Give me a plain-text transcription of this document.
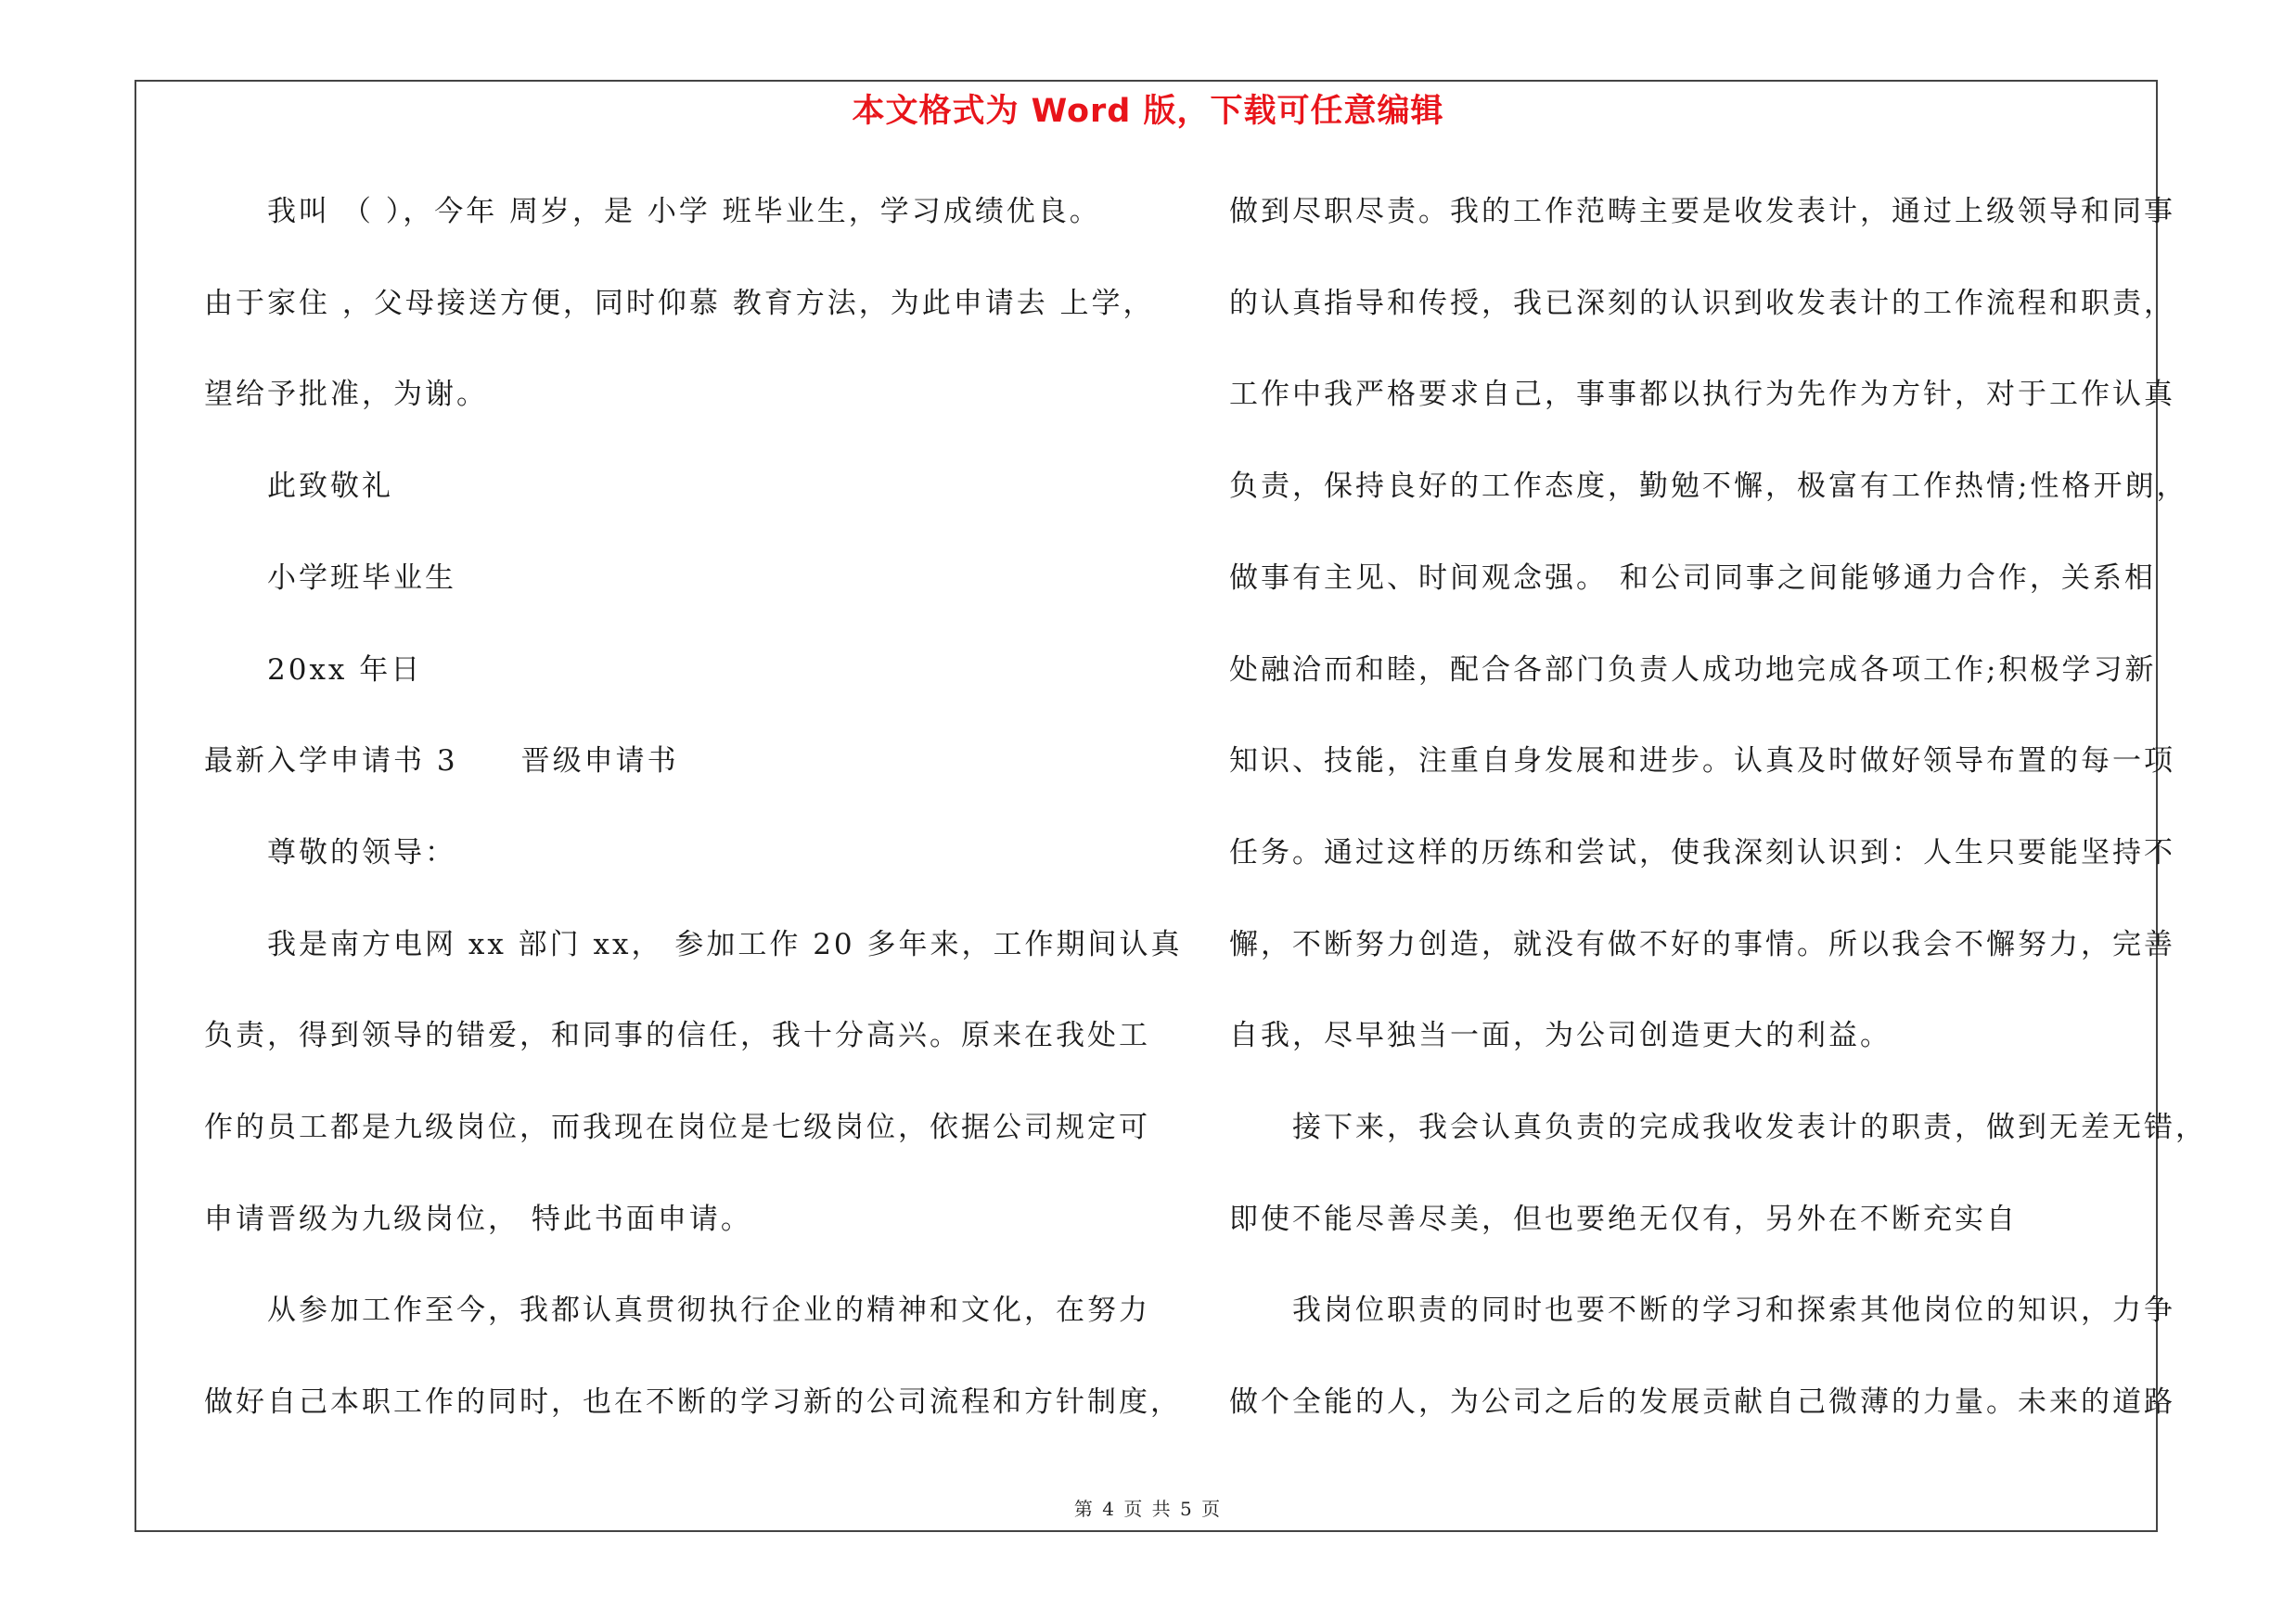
本文格式为 Word 版，下载可任意编辑
我叫 （ ），今年 周岁，是 小学 班毕业生，学习成绩优良。
由于家住 ，父母接送方便，同时仰慕 教育方法，为此申请去 上学，
望给予批准，为谢。
此致敬礼
小学班毕业生
20xx 年日
最新入学申请书 3　　晋级申请书
尊敬的领导：
我是南方电网 xx 部门 xx， 参加工作 20 多年来，工作期间认真
负责，得到领导的错爱，和同事的信任，我十分高兴。原来在我处工
作的员工都是九级岗位，而我现在岗位是七级岗位，依据公司规定可
申请晋级为九级岗位， 特此书面申请。
从参加工作至今，我都认真贯彻执行企业的精神和文化，在努力
做好自己本职工作的同时，也在不断的学习新的公司流程和方针制度，
做到尽职尽责。我的工作范畴主要是收发表计，通过上级领导和同事
的认真指导和传授，我已深刻的认识到收发表计的工作流程和职责，
工作中我严格要求自己，事事都以执行为先作为方针，对于工作认真
负责，保持良好的工作态度，勤勉不懈，极富有工作热情;性格开朗，
做事有主见、时间观念强。 和公司同事之间能够通力合作，关系相
处融洽而和睦，配合各部门负责人成功地完成各项工作;积极学习新
知识、技能，注重自身发展和进步。认真及时做好领导布置的每一项
任务。通过这样的历练和尝试，使我深刻认识到：人生只要能坚持不
懈，不断努力创造，就没有做不好的事情。所以我会不懈努力，完善
自我，尽早独当一面，为公司创造更大的利益。
接下来，我会认真负责的完成我收发表计的职责，做到无差无错，
即使不能尽善尽美，但也要绝无仅有，另外在不断充实自
我岗位职责的同时也要不断的学习和探索其他岗位的知识，力争
做个全能的人，为公司之后的发展贡献自己微薄的力量。未来的道路
第 4 页 共 5 页
